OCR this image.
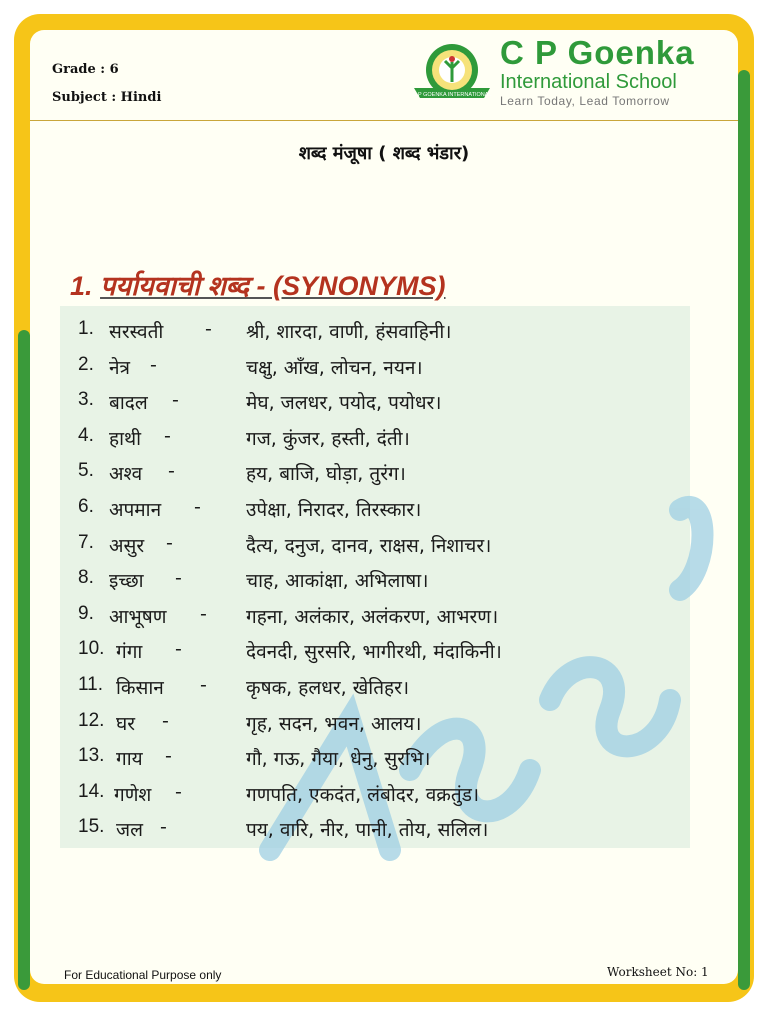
Grade : 6
Subject : Hindi	C P GOENKA INTERNATIONAL
C P Goenka
International School
Learn Today, Lead Tomorrow
शब्द मंजूषा ( शब्द भंडार)
1. पर्यायवाची शब्द - (SYNONYMS)
1. सरस्वती - श्री, शारदा, वाणी, हंसवाहिनी।
2. नेत्र -	चक्षु, आँख, लोचन, नयन।
3. बादल -	मेघ, जलधर, पयोद, पयोधर।
4. हाथी -	गज, कुंजर, हस्ती, दंती।
5. अश्व -	हय, बाजि, घोड़ा, तुरंग।
6. अपमान - उपेक्षा, निरादर, तिरस्कार।
7. असुर -	दैत्य, दनुज, दानव, राक्षस, निशाचर।
8. इच्छा -	चाह, आकांक्षा, अभिलाषा।
9. आभूषण - गहना, अलंकार, अलंकरण, आभरण।
10. गंगा -	देवनदी, सुरसरि, भागीरथी, मंदाकिनी।
11. किसान - कृषक, हलधर, खेतिहर।
12. घर -	गृह, सदन, भवन, आलय।
13. गाय -	गौ, गऊ, गैया, धेनु, सुरभि।
14. गणेश -	गणपति, एकदंत, लंबोदर, वक्रतुंड।
15. जल -	पय, वारि, नीर, पानी, तोय, सलिल।
For Educational Purpose only	Worksheet No: 1
